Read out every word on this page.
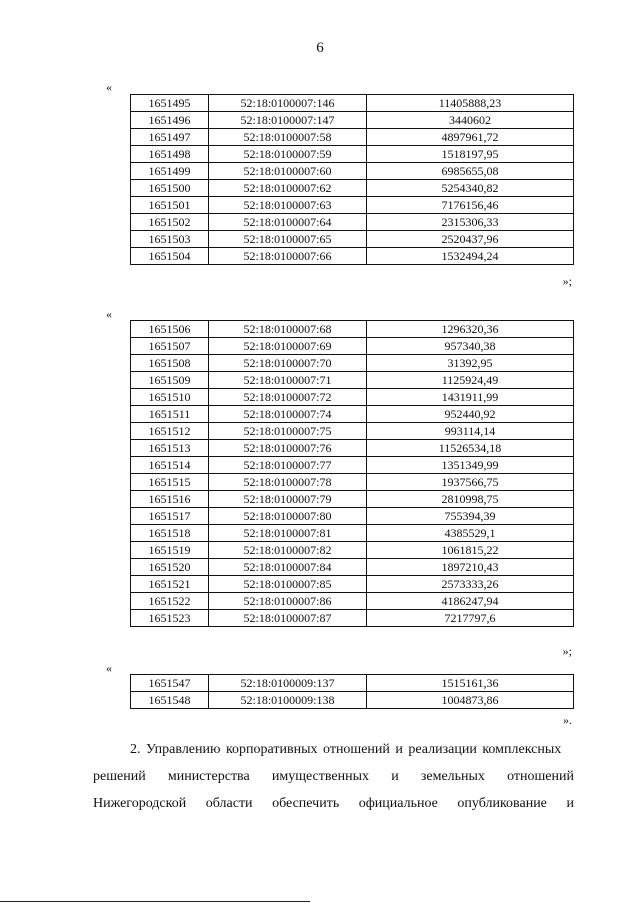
6
«
1651495	52:18:0100007:146	11405888,23
1651496	52:18:0100007:147	3440602
1651497	52:18:0100007:58	4897961,72
1651498	52:18:0100007:59	1518197,95
1651499	52:18:0100007:60	6985655,08
1651500	52:18:0100007:62	5254340,82
1651501	52:18:0100007:63	7176156,46
1651502	52:18:0100007:64	2315306,33
1651503	52:18:0100007:65	2520437,96
1651504	52:18:0100007:66	1532494,24
»;
«
1651506	52:18:0100007:68	1296320,36
1651507	52:18:0100007:69	957340,38
1651508	52:18:0100007:70	31392,95
1651509	52:18:0100007:71	1125924,49
1651510	52:18:0100007:72	1431911,99
1651511	52:18:0100007:74	952440,92
1651512	52:18:0100007:75	993114,14
1651513	52:18:0100007:76	11526534,18
1651514	52:18:0100007:77	1351349,99
1651515	52:18:0100007:78	1937566,75
1651516	52:18:0100007:79	2810998,75
1651517	52:18:0100007:80	755394,39
1651518	52:18:0100007:81	4385529,1
1651519	52:18:0100007:82	1061815,22
1651520	52:18:0100007:84	1897210,43
1651521	52:18:0100007:85	2573333,26
1651522	52:18:0100007:86	4186247,94
1651523	52:18:0100007:87	7217797,6
»;
«
1651547	52:18:0100009:137	1515161,36
1651548	52:18:0100009:138	1004873,86
».
2. Управлению корпоративных отношений и реализации комплексных
решений министерства имущественных и земельных отношений
Нижегородской области обеспечить официальное опубликование и
